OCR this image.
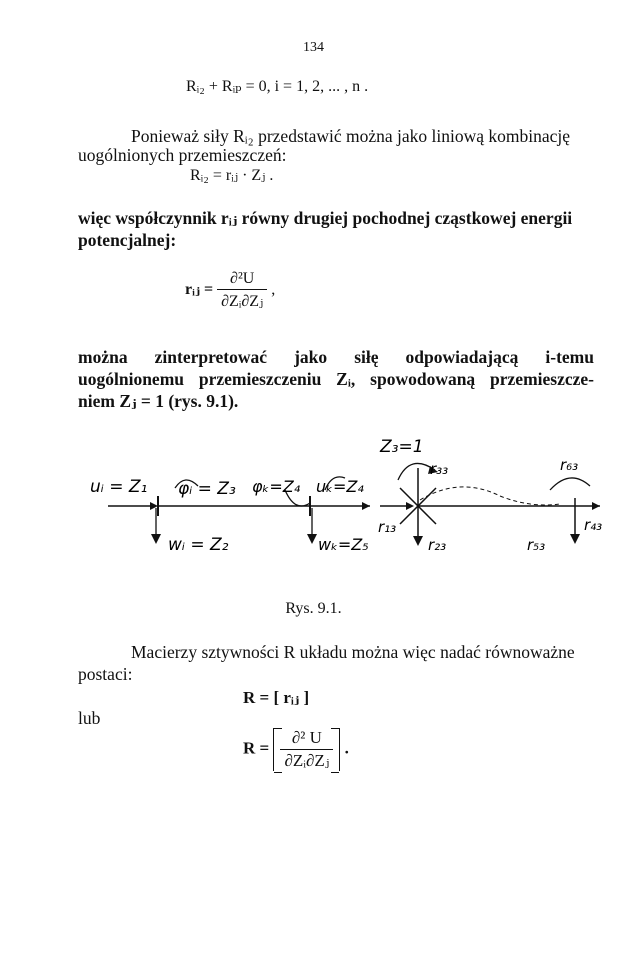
134
Rᵢ₂ + Rᵢₚ = 0, i = 1, 2, ... , n .
Ponieważ siły Rᵢ₂ przedstawić można jako liniową kombinację
uogólnionych przemieszczeń:
Rᵢ₂ = rᵢⱼ · Zⱼ .
więc współczynnik rᵢⱼ równy drugiej pochodnej cząstkowej energii
potencjalnej:
rᵢⱼ = $\frac{\text{∂²U}}{\text{∂Zᵢ∂Zⱼ}}$ ,
można zinterpretować jako siłę odpowiadającą i-temu
uogólnionemu przemieszczeniu Zᵢ, spowodowaną przemieszcze-
niem Zⱼ = 1 (rys. 9.1).
uᵢ = Z₁ φᵢ = Z₃
wᵢ = Z₂
φₖ=Z₄ uₖ=Z₄
wₖ=Z₅
Z₃=1
r₃₃	r₆₃
r₁₃
r₂₃	r₅₃
r₄₃
Rys. 9.1.
Macierzy sztywności R układu można więc nadać równoważne
postaci:
R = [ rᵢⱼ ]
lub
$R = \frac{\text{∂² U}}{\text{∂Zᵢ∂Zⱼ}}$ .
